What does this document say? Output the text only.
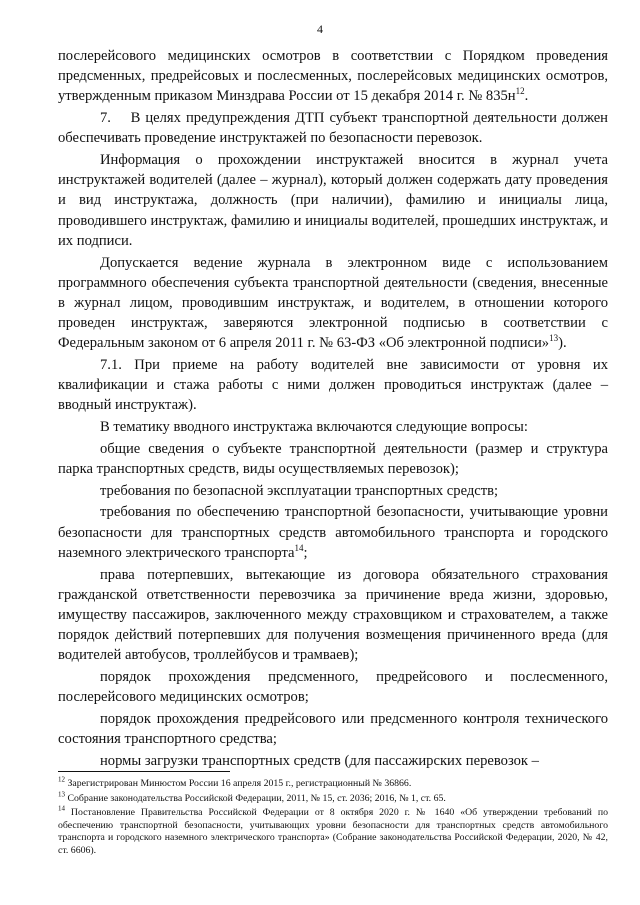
4

послерейсового медицинских осмотров в соответствии с Порядком проведения предсменных, предрейсовых и послесменных, послерейсовых медицинских осмотров, утвержденным приказом Минздрава России от 15 декабря 2014 г. № $835н^{12}$.

7.  В целях предупреждения ДТП субъект транспортной деятельности должен обеспечивать проведение инструктажей по безопасности перевозок.

Информация о прохождении инструктажей вносится в журнал учета инструктажей водителей (далее – журнал), который должен содержать дату проведения и вид инструктажа, должность (при наличии), фамилию и инициалы лица, проводившего инструктаж, фамилию и инициалы водителей, прошедших инструктаж, и их подписи.

Допускается ведение журнала в электронном виде с использованием программного обеспечения субъекта транспортной деятельности (сведения, внесенные в журнал лицом, проводившим инструктаж, и водителем, в отношении которого проведен инструктаж, заверяются электронной подписью в соответствии с Федеральным законом от 6 апреля 2011 г. № 63-ФЗ «Об электронной подписи»$^{13}$).

7.1. При приеме на работу водителей вне зависимости от уровня их квалификации и стажа работы с ними должен проводиться инструктаж (далее – вводный инструктаж).

В тематику вводного инструктажа включаются следующие вопросы:

общие сведения о субъекте транспортной деятельности (размер и структура парка транспортных средств, виды осуществляемых перевозок);

требования по безопасной эксплуатации транспортных средств;

требования по обеспечению транспортной безопасности, учитывающие уровни безопасности для транспортных средств автомобильного транспорта и городского наземного электрического транспорта$^{14}$;

права потерпевших, вытекающие из договора обязательного страхования гражданской ответственности перевозчика за причинение вреда жизни, здоровью, имуществу пассажиров, заключенного между страховщиком и страхователем, а также порядок действий потерпевших для получения возмещения причиненного вреда (для водителей автобусов, троллейбусов и трамваев);

порядок прохождения предсменного, предрейсового и послесменного, послерейсового медицинских осмотров;

порядок прохождения предрейсового или предсменного контроля технического состояния транспортного средства;

нормы загрузки транспортных средств (для пассажирских перевозок –

$^{12}$ Зарегистрирован Минюстом России 16 апреля 2015 г., регистрационный № 36866.

$^{13}$ Собрание законодательства Российской Федерации, 2011, № 15, ст. 2036; 2016, № 1, ст. 65.

$^{14}$ Постановление Правительства Российской Федерации от 8 октября 2020 г. № 1640 «Об утверждении требований по обеспечению транспортной безопасности, учитывающих уровни безопасности для транспортных средств автомобильного транспорта и городского наземного электрического транспорта» (Собрание законодательства Российской Федерации, 2020, № 42, ст. 6606).
